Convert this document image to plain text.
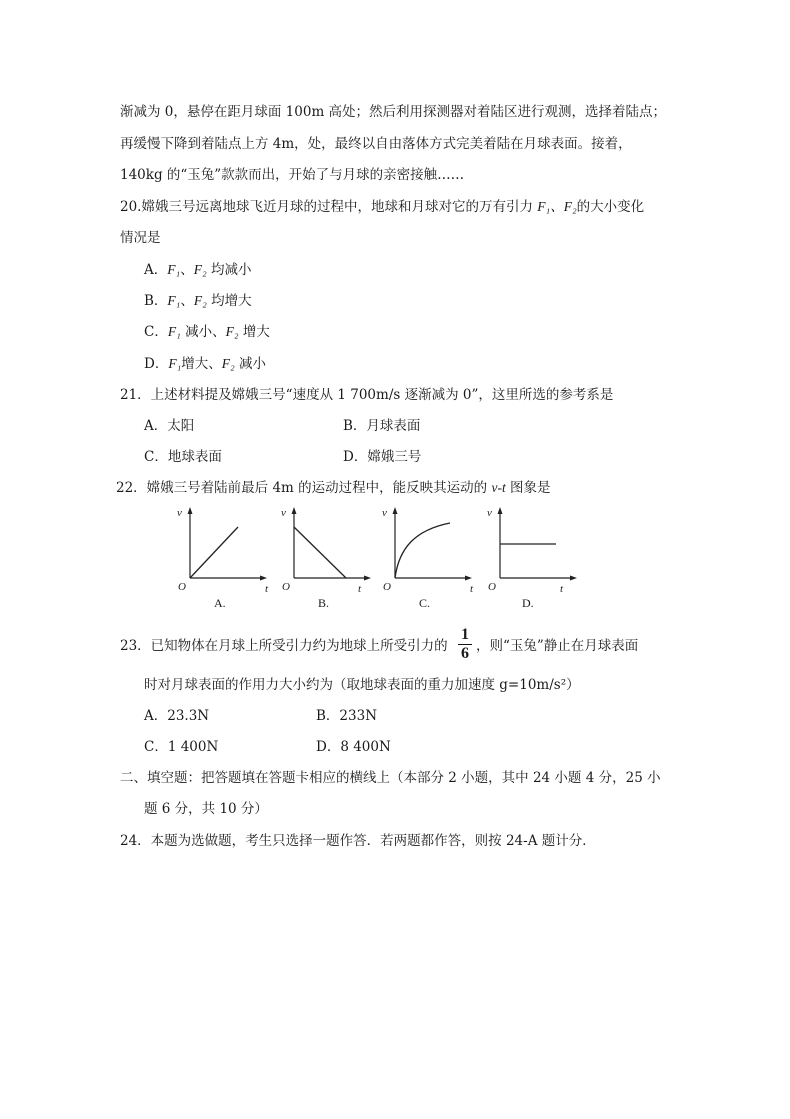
渐减为 0，悬停在距月球面 100m 高处；然后利用探测器对着陆区进行观测，选择着陆点；
再缓慢下降到着陆点上方 4m，处，最终以自由落体方式完美着陆在月球表面。接着，
140kg 的“玉兔”款款而出，开始了与月球的亲密接触……
20.嫦娥三号远离地球飞近月球的过程中，地球和月球对它的万有引力 F₁、F₂的大小变化
情况是
A．F₁、F₂ 均减小
B．F₁、F₂ 均增大
C．F₁ 减小、F₂ 增大
D．F₁增大、F₂ 减小
21．上述材料提及嫦娥三号“速度从 1 700m/s 逐渐减为 0”，这里所选的参考系是
A．太阳	B．月球表面
C．地球表面	D．嫦娥三号
22．嫦娥三号着陆前最后 4m 的运动过程中，能反映其运动的 v-t 图象是
v
t
O
A.
v
t
O
B.
v
t
O
C.
v
t
O
D.
23．已知物体在月球上所受引力约为地球上所受引力的
1
6 ，则“玉兔”静止在月球表面
时对月球表面的作用力大小约为（取地球表面的重力加速度 g=10m/s²）
A．23.3N	B．233N
C．1 400N	D．8 400N
二、填空题：把答题填在答题卡相应的横线上（本部分 2 小题，其中 24 小题 4 分，25 小
题 6 分，共 10 分）
24．本题为选做题，考生只选择一题作答．若两题都作答，则按 24-A 题计分．
